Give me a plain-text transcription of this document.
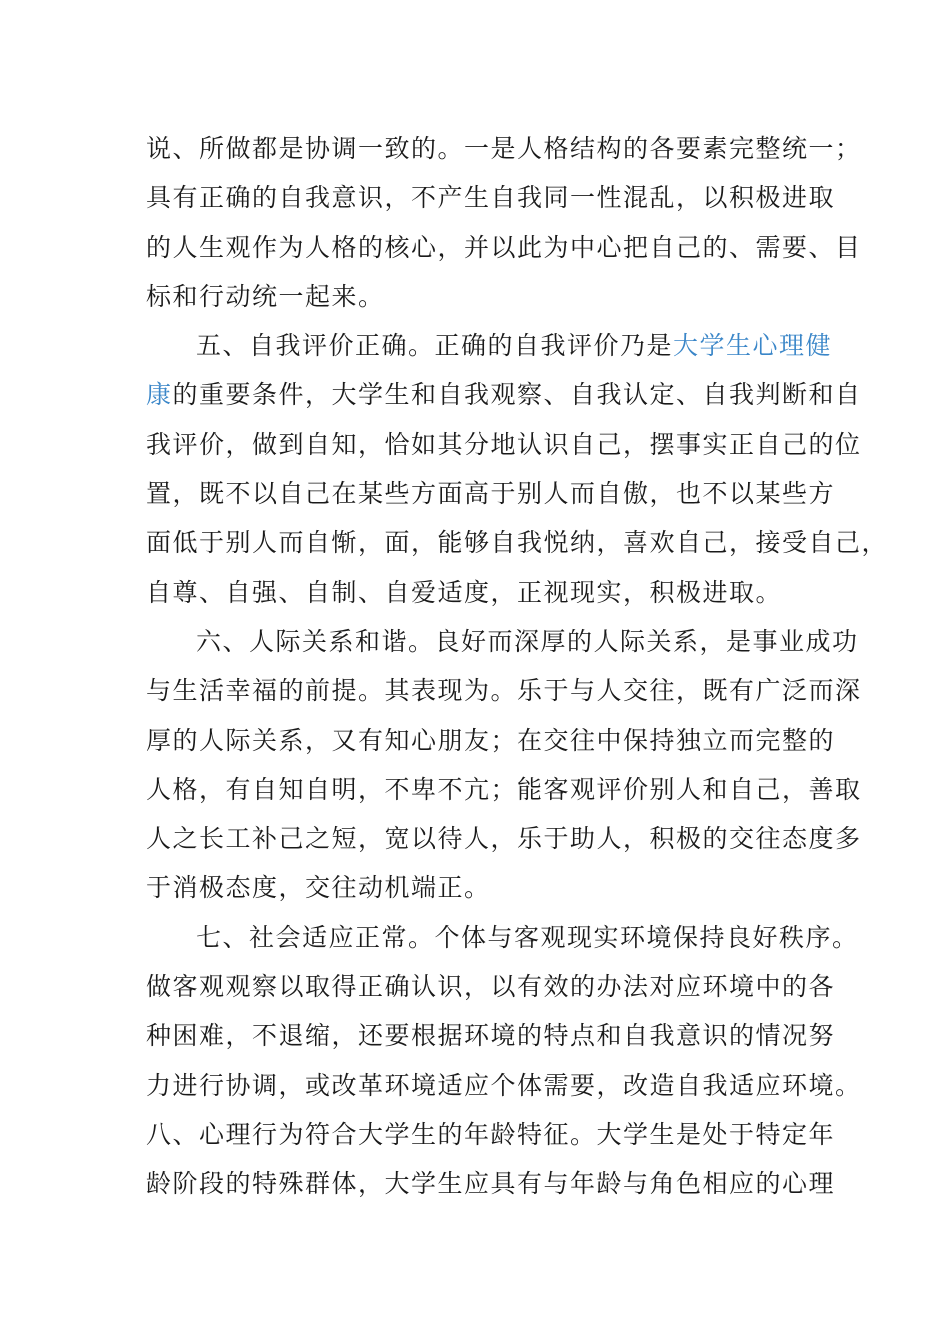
说、所做都是协调一致的。一是人格结构的各要素完整统一；
具有正确的自我意识，不产生自我同一性混乱，以积极进取
的人生观作为人格的核心，并以此为中心把自己的、需要、目
标和行动统一起来。
五、自我评价正确。正确的自我评价乃是大学生心理健
康的重要条件，大学生和自我观察、自我认定、自我判断和自
我评价，做到自知，恰如其分地认识自己，摆事实正自己的位
置，既不以自己在某些方面高于别人而自傲，也不以某些方
面低于别人而自惭，面，能够自我悦纳，喜欢自己，接受自己，
自尊、自强、自制、自爱适度，正视现实，积极进取。
六、人际关系和谐。良好而深厚的人际关系，是事业成功
与生活幸福的前提。其表现为。乐于与人交往，既有广泛而深
厚的人际关系，又有知心朋友；在交往中保持独立而完整的
人格，有自知自明，不卑不亢；能客观评价别人和自己，善取
人之长工补己之短，宽以待人，乐于助人，积极的交往态度多
于消极态度，交往动机端正。
七、社会适应正常。个体与客观现实环境保持良好秩序。
做客观观察以取得正确认识，以有效的办法对应环境中的各
种困难，不退缩，还要根据环境的特点和自我意识的情况努
力进行协调，或改革环境适应个体需要，改造自我适应环境。
八、心理行为符合大学生的年龄特征。大学生是处于特定年
龄阶段的特殊群体，大学生应具有与年龄与角色相应的心理
